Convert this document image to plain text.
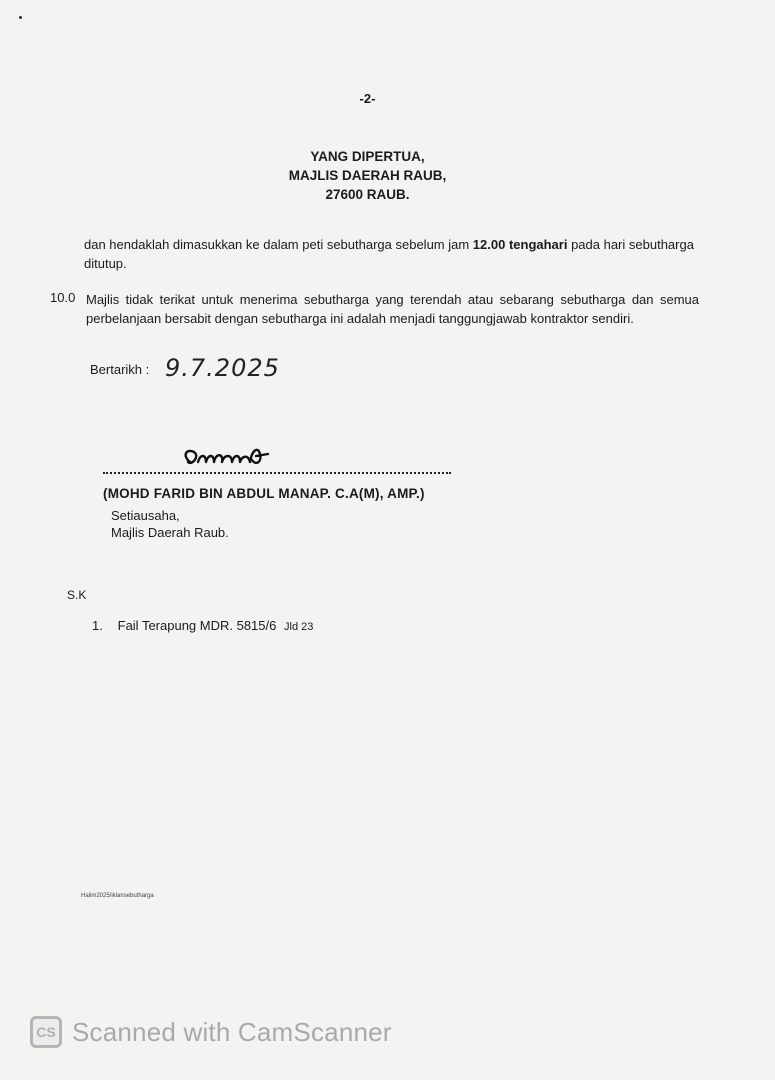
-2-
YANG DIPERTUA,
MAJLIS DAERAH RAUB,
27600 RAUB.
dan hendaklah dimasukkan ke dalam peti sebutharga sebelum jam 12.00 tengahari pada hari sebutharga ditutup.
10.0 Majlis tidak terikat untuk menerima sebutharga yang terendah atau sebarang sebutharga dan semua perbelanjaan bersabit dengan sebutharga ini adalah menjadi tanggungjawab kontraktor sendiri.
Bertarikh : 9.7.2025
(MOHD FARID BIN ABDUL MANAP. C.A(M), AMP.)
Setiausaha,
Majlis Daerah Raub.
S.K
1. Fail Terapung MDR. 5815/6 Jld 23
Halim2025/iklansebutharga
CS Scanned with CamScanner
